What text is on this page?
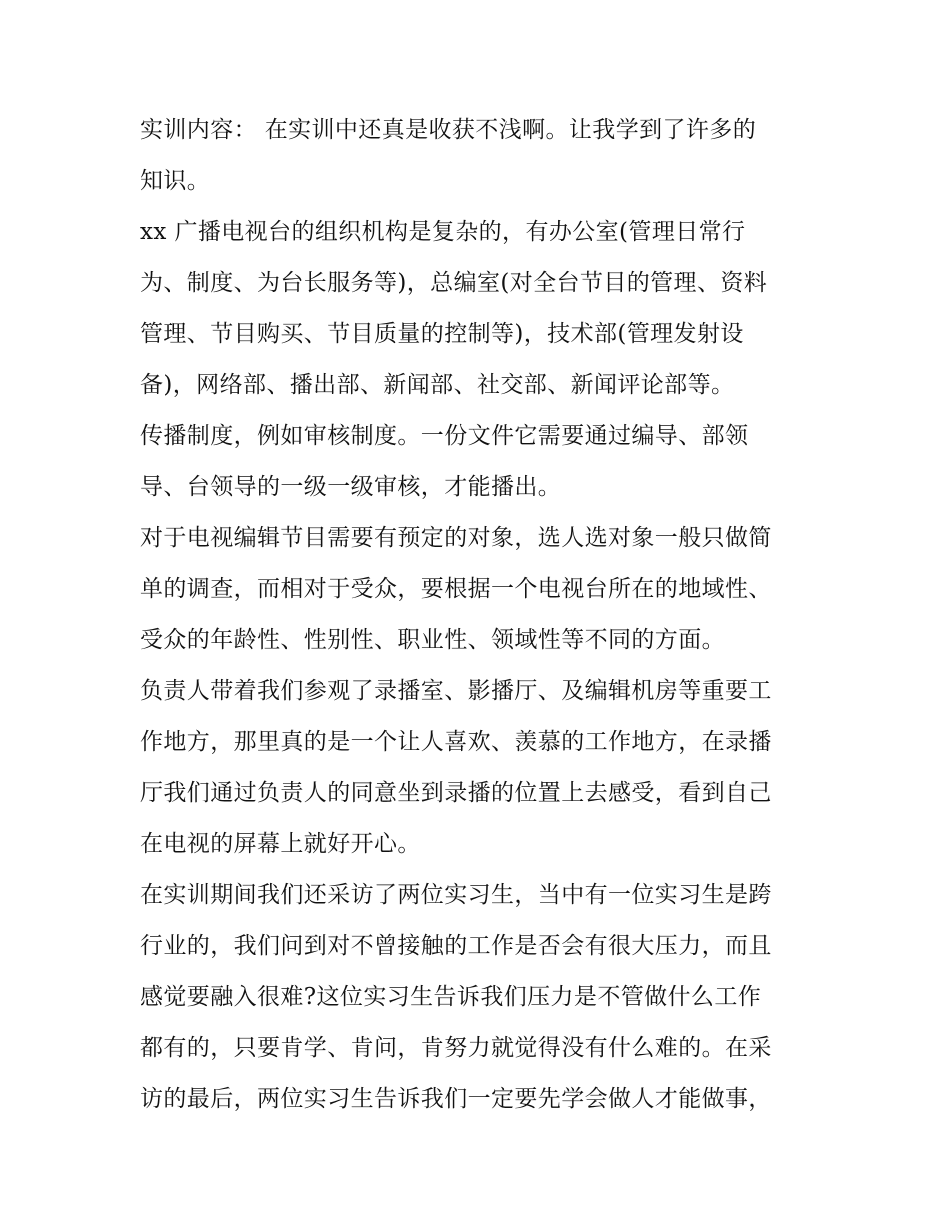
实训内容： 在实训中还真是收获不浅啊。让我学到了许多的
知识。
xx 广播电视台的组织机构是复杂的，有办公室(管理日常行
为、制度、为台长服务等)，总编室(对全台节目的管理、资料
管理、节目购买、节目质量的控制等)，技术部(管理发射设
备)，网络部、播出部、新闻部、社交部、新闻评论部等。
传播制度，例如审核制度。一份文件它需要通过编导、部领
导、台领导的一级一级审核，才能播出。
对于电视编辑节目需要有预定的对象，选人选对象一般只做简
单的调查，而相对于受众，要根据一个电视台所在的地域性、
受众的年龄性、性别性、职业性、领域性等不同的方面。
负责人带着我们参观了录播室、影播厅、及编辑机房等重要工
作地方，那里真的是一个让人喜欢、羡慕的工作地方，在录播
厅我们通过负责人的同意坐到录播的位置上去感受，看到自己
在电视的屏幕上就好开心。
在实训期间我们还采访了两位实习生，当中有一位实习生是跨
行业的，我们问到对不曾接触的工作是否会有很大压力，而且
感觉要融入很难?这位实习生告诉我们压力是不管做什么工作
都有的，只要肯学、肯问，肯努力就觉得没有什么难的。在采
访的最后，两位实习生告诉我们一定要先学会做人才能做事，
